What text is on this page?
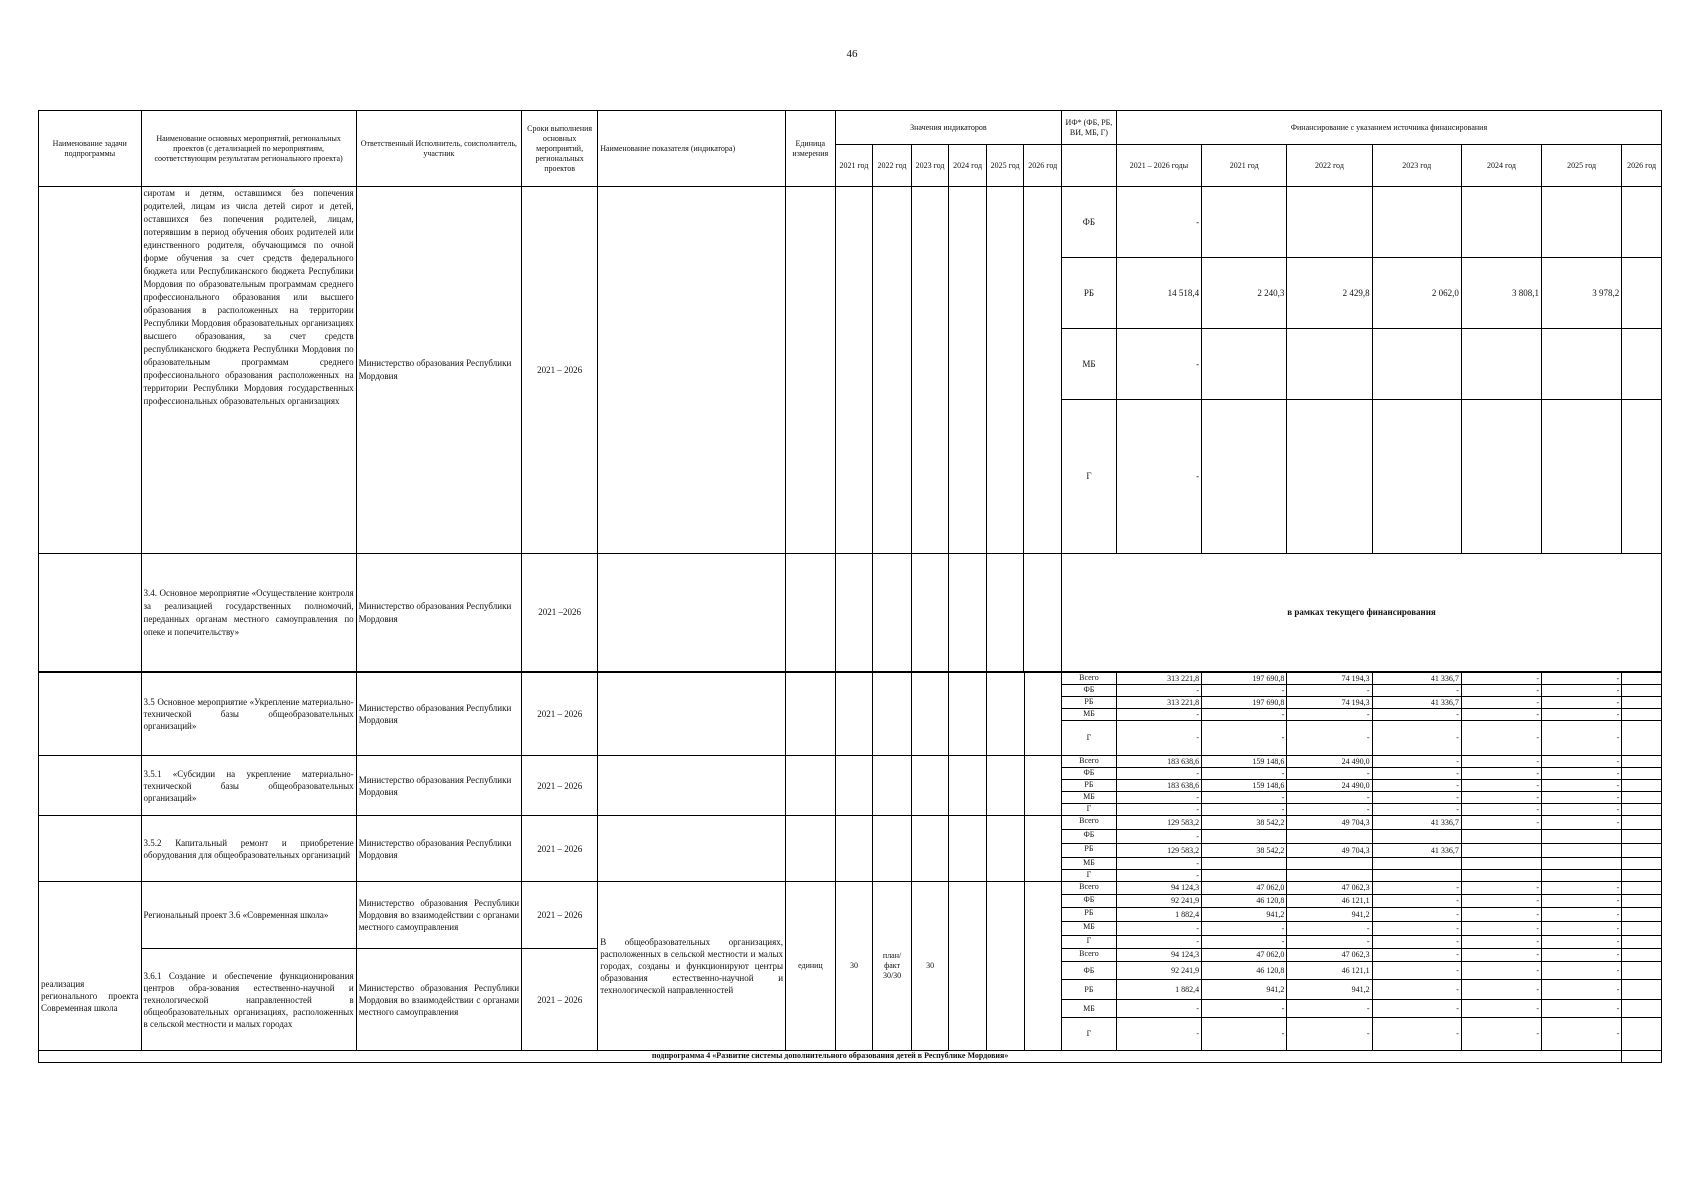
46
Наименование задачи подпрограммы	Наименование основных мероприятий, региональных проектов (с детализацией по мероприятиям, соответствующим результатам регионального проекта)	Ответственный Исполнитель, соисполнитель, участник	Сроки выполнения основных мероприятий, региональных проектов	Наименование показателя (индикатора)	Единица измерения	Значения индикаторов						ИФ* (ФБ, РБ, ВИ, МБ, Г)	Финансирование с указанием источника финансирования						
						2021 год	2022 год	2023 год	2024 год	2025 год	2026 год		2021 – 2026 годы	2021 год	2022 год	2023 год	2024 год	2025 год	2026 год
	сиротам и детям, оставшимся без попечения родителей, лицам из числа детей сирот и детей, оставшихся без попечения родителей, лицам, потерявшим в период обучения обоих родителей или единственного родителя, обучающимся по очной форме обучения за счет средств федерального бюджета или Республиканского бюджета Республики Мордовия по образовательным программам среднего профессионального образования или высшего образования в расположенных на территории Республики Мордовия образовательных организациях высшего образования, за счет средств республиканского бюджета Республики Мордовия по образовательным программам среднего профессионального образования расположенных на территории Республики Мордовия государственных профессиональных образовательных организациях	Министерство образования Республики Мордовия	2021 – 2026									ФБ	-						
												РБ	14 518,4	2 240,3	2 429,8	2 062,0	3 808,1	3 978,2	
												МБ	-						
												Г	-						
	3.4. Основное мероприятие «Осуществление контроля за реализацией государственных полномочий, переданных органам местного самоуправления по опеке и попечительству»	Министерство образования Республики Мордовия	2021 –2026									в рамках текущего финансирования							
	3.5 Основное мероприятие «Укрепление материально-технической базы общеобразовательных организаций»	Министерство образования Республики Мордовия	2021 – 2026									Всего	313 221,8	197 690,8	74 194,3	41 336,7	-	-	
												ФБ	-	-	-	-	-	-	
												РБ	313 221,8	197 690,8	74 194,3	41 336,7	-	-	
												МБ	-	-	-	-	-	-	
												Г	-	-	-	-	-	-	
	3.5.1 «Субсидии на укрепление материально-технической базы общеобразовательных организаций»	Министерство образования Республики Мордовия	2021 – 2026									Всего	183 638,6	159 148,6	24 490,0	-	-	-	
												ФБ	-	-	-	-	-	-	
												РБ	183 638,6	159 148,6	24 490,0	-	-	-	
												МБ	-	-	-	-	-	-	
												Г	-	-	-	-	-	-	
	3.5.2 Капитальный ремонт и приобретение оборудования для общеобразовательных организаций	Министерство образования Республики Мордовия	2021 – 2026									Всего	129 583,2	38 542,2	49 704,3	41 336,7	-	-	
												ФБ	-						
												РБ	129 583,2	38 542,2	49 704,3	41 336,7			
												МБ	-						
												Г	-						
реализация регионального проекта Современная школа	Региональный проект 3.6 «Современная школа»	Министерство образования Республики Мордовия во взаимодействии с органами местного самоуправления	2021 – 2026	В общеобразовательных организациях, расположенных в сельской местности и малых городах, созданы и функционируют центры образования естественно-научной и технологической направленностей	единиц	30	план/ факт 30/30	30				Всего	94 124,3	47 062,0	47 062,3	-	-	-	
												ФБ	92 241,9	46 120,8	46 121,1	-	-	-	
												РБ	1 882,4	941,2	941,2	-	-	-	
												МБ	-	-	-	-	-	-	
												Г	-	-	-	-	-	-	
	3.6.1 Создание и обеспечение функционирования центров обра-зования естественно-научной и технологической направленностей в общеобразовательных организациях, расположенных в сельской местности и малых городах	Министерство образования Республики Мордовия во взаимодействии с органами местного самоуправления	2021 – 2026									Всего	94 124,3	47 062,0	47 062,3	-	-	-	
												ФБ	92 241,9	46 120,8	46 121,1	-	-	-	
												РБ	1 882,4	941,2	941,2	-	-	-	
												МБ	-	-	-	-	-	-	
												Г	-	-	-	-	-	-	
подпрограмма 4 «Развитие системы дополнительного образования детей в Республике Мордовия»																			
